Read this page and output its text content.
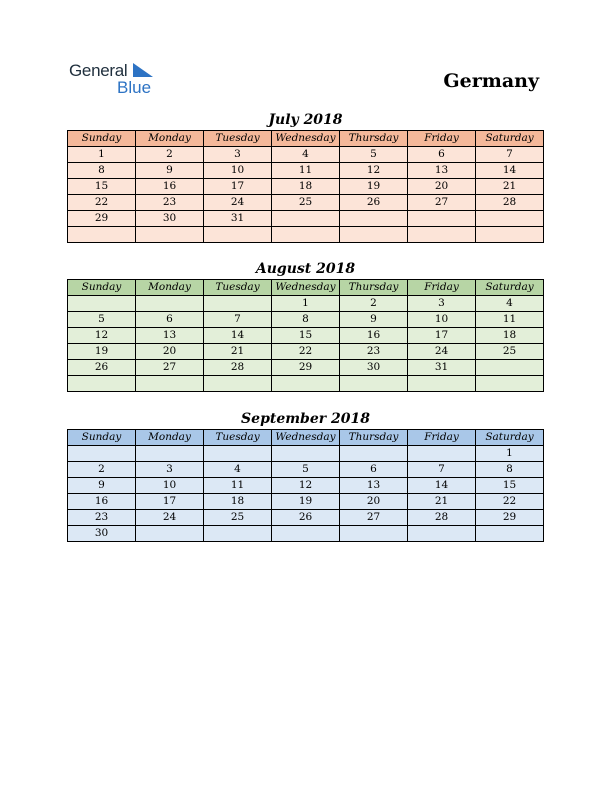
General
Blue	Germany
July 2018
Sunday	Monday	Tuesday	Wednesday	Thursday	Friday	Saturday
1	2	3	4	5	6	7
8	9	10	11	12	13	14
15	16	17	18	19	20	21
22	23	24	25	26	27	28
29	30	31				

August 2018
Sunday	Monday	Tuesday	Wednesday	Thursday	Friday	Saturday
			1	2	3	4
5	6	7	8	9	10	11
12	13	14	15	16	17	18
19	20	21	22	23	24	25
26	27	28	29	30	31	

September 2018
Sunday	Monday	Tuesday	Wednesday	Thursday	Friday	Saturday
						1
2	3	4	5	6	7	8
9	10	11	12	13	14	15
16	17	18	19	20	21	22
23	24	25	26	27	28	29
30						
